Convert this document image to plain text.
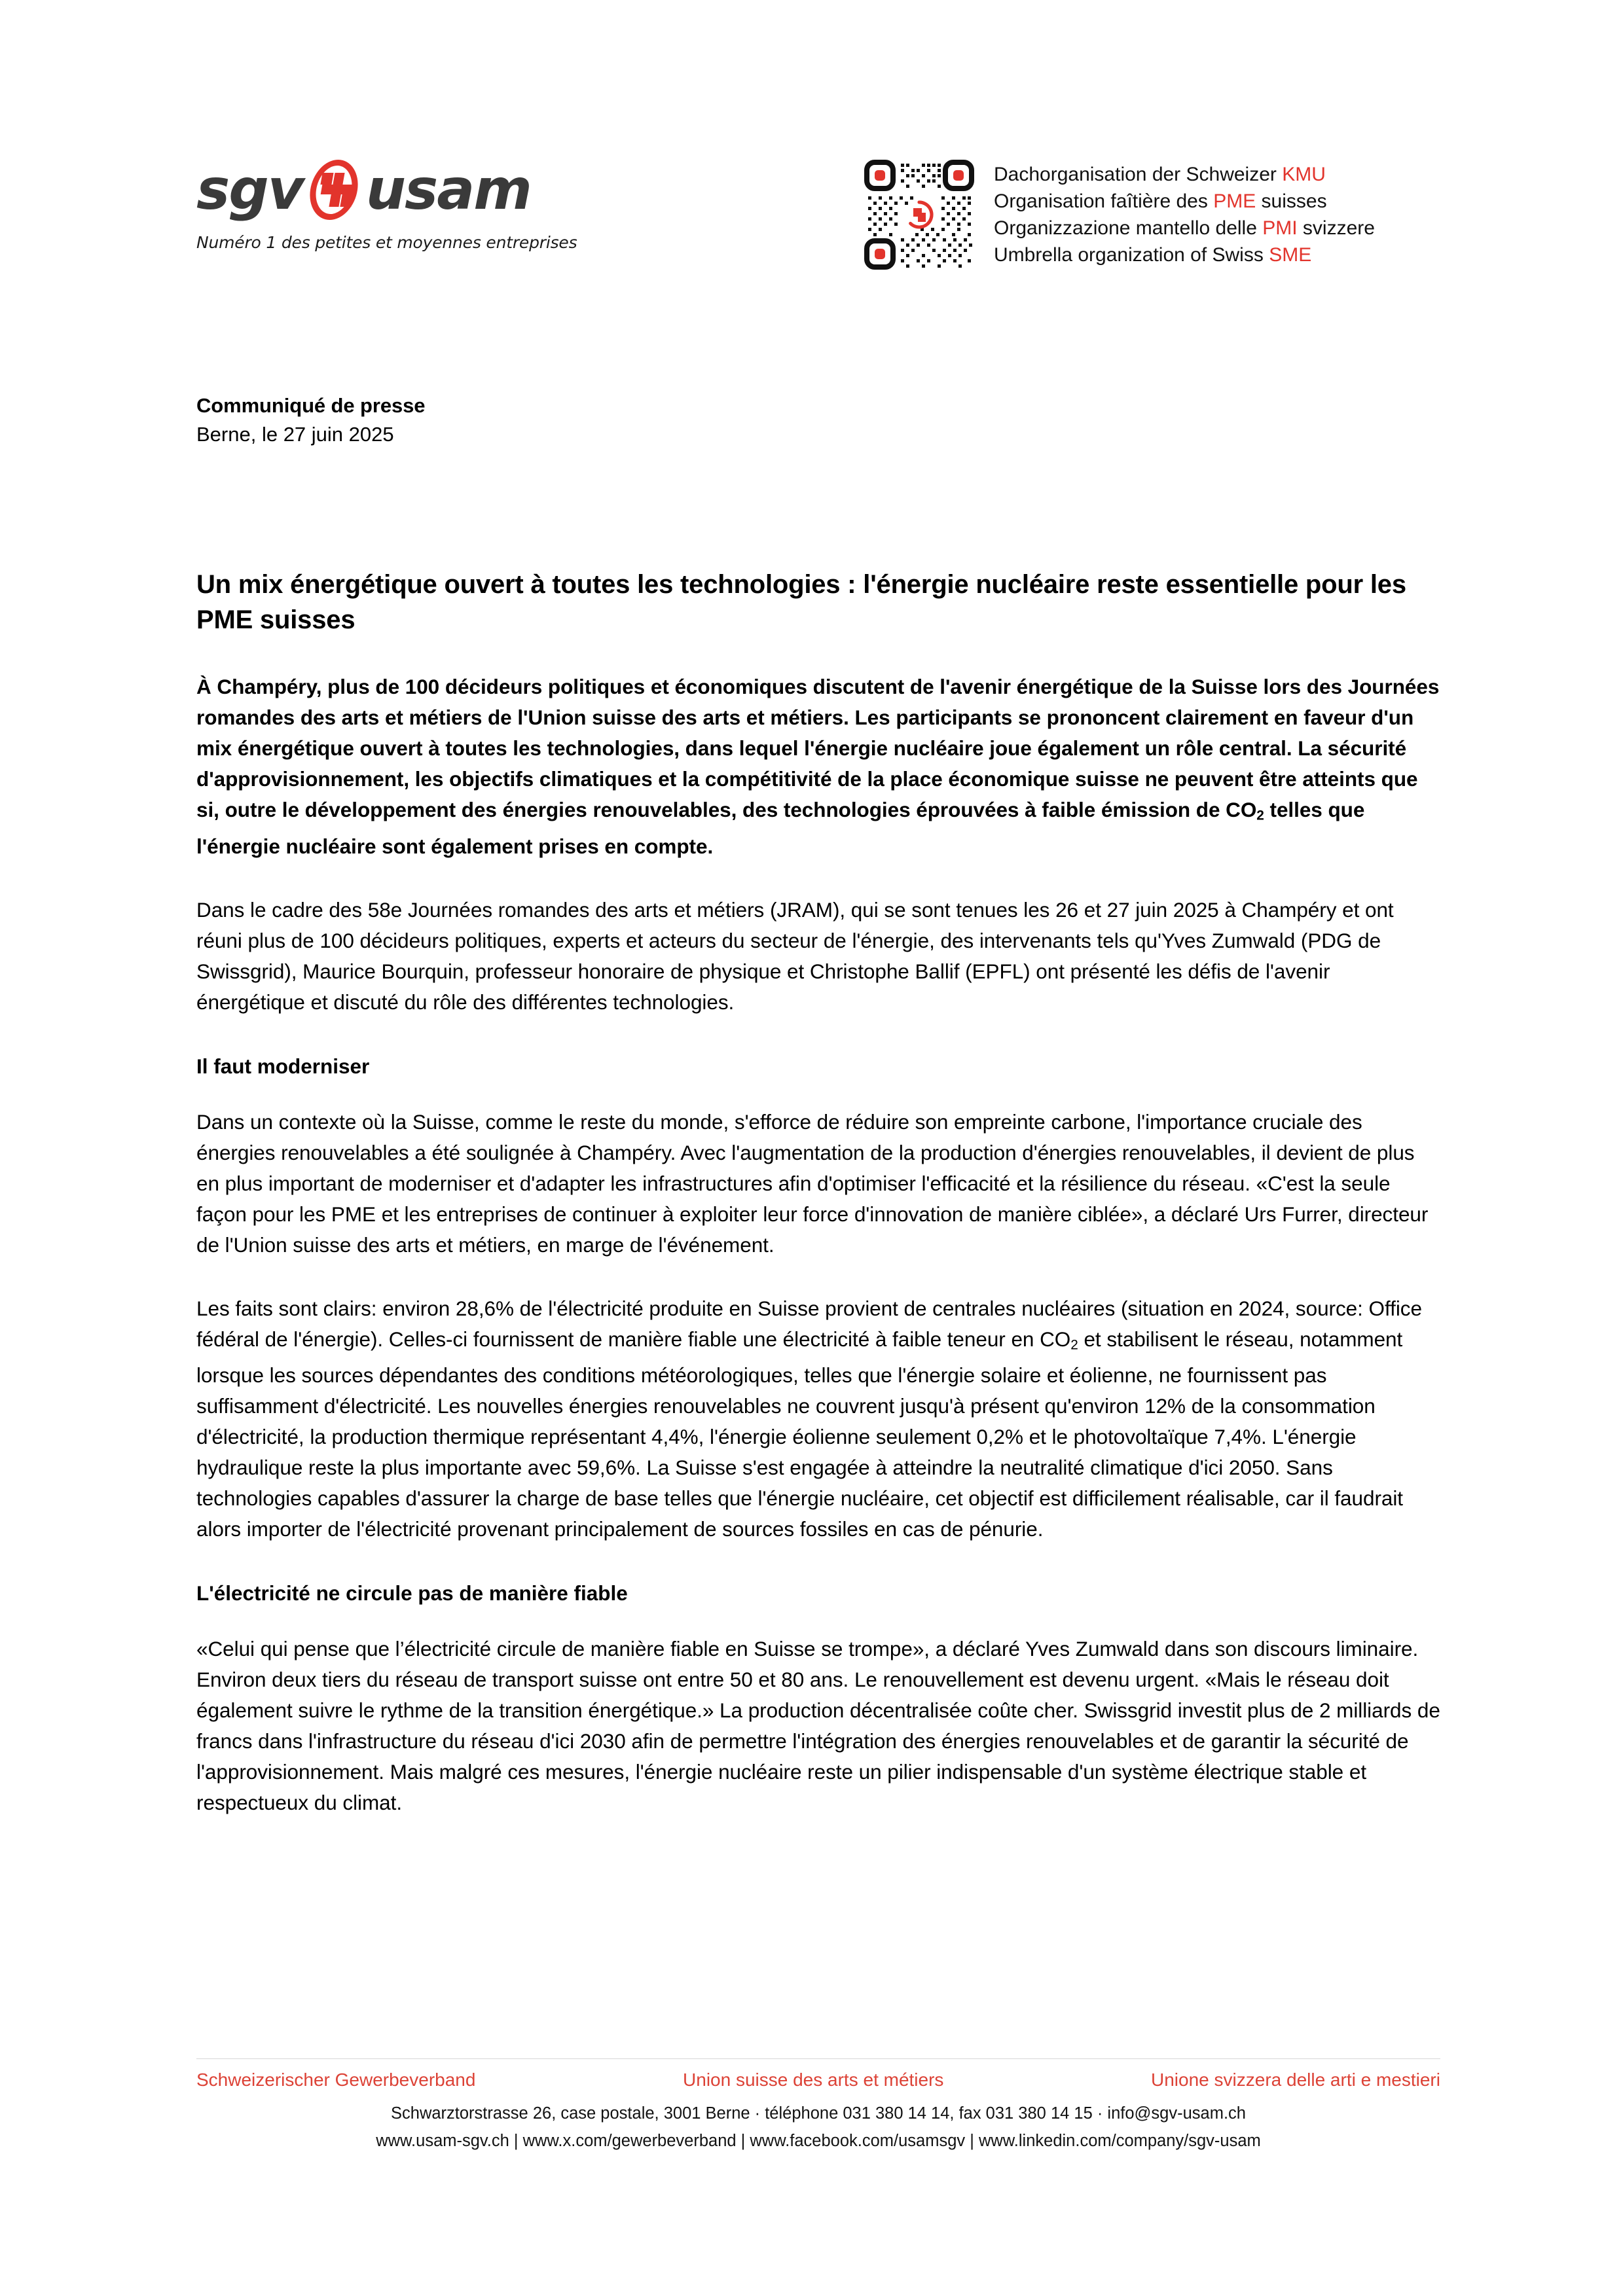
sgv usam
Numéro 1 des petites et moyennes entreprises
Dachorganisation der Schweizer KMU
Organisation faîtière des PME suisses
Organizzazione mantello delle PMI svizzere
Umbrella organization of Swiss SME
Communiqué de presse
Berne, le 27 juin 2025
Un mix énergétique ouvert à toutes les technologies : l'énergie nucléaire reste essentielle pour les PME suisses

À Champéry, plus de 100 décideurs politiques et économiques discutent de l'avenir énergétique de la Suisse lors des Journées romandes des arts et métiers de l'Union suisse des arts et métiers. Les participants se prononcent clairement en faveur d'un mix énergétique ouvert à toutes les technologies, dans lequel l'énergie nucléaire joue également un rôle central. La sécurité d'approvisionnement, les objectifs climatiques et la compétitivité de la place économique suisse ne peuvent être atteints que si, outre le développement des énergies renouvelables, des technologies éprouvées à faible émission de $CO_2$ telles que l'énergie nucléaire sont également prises en compte.

Dans le cadre des 58e Journées romandes des arts et métiers (JRAM), qui se sont tenues les 26 et 27 juin 2025 à Champéry et ont réuni plus de 100 décideurs politiques, experts et acteurs du secteur de l'énergie, des intervenants tels qu'Yves Zumwald (PDG de Swissgrid), Maurice Bourquin, professeur honoraire de physique et Christophe Ballif (EPFL) ont présenté les défis de l'avenir énergétique et discuté du rôle des différentes technologies.

Il faut moderniser

Dans un contexte où la Suisse, comme le reste du monde, s'efforce de réduire son empreinte carbone, l'importance cruciale des énergies renouvelables a été soulignée à Champéry. Avec l'augmentation de la production d'énergies renouvelables, il devient de plus en plus important de moderniser et d'adapter les infrastructures afin d'optimiser l'efficacité et la résilience du réseau. «C'est la seule façon pour les PME et les entreprises de continuer à exploiter leur force d'innovation de manière ciblée», a déclaré Urs Furrer, directeur de l'Union suisse des arts et métiers, en marge de l'événement.

Les faits sont clairs: environ 28,6% de l'électricité produite en Suisse provient de centrales nucléaires (situation en 2024, source: Office fédéral de l'énergie). Celles-ci fournissent de manière fiable une électricité à faible teneur en $CO_2$ et stabilisent le réseau, notamment lorsque les sources dépendantes des conditions météorologiques, telles que l'énergie solaire et éolienne, ne fournissent pas suffisamment d'électricité. Les nouvelles énergies renouvelables ne couvrent jusqu'à présent qu'environ 12% de la consommation d'électricité, la production thermique représentant 4,4%, l'énergie éolienne seulement 0,2% et le photovoltaïque 7,4%. L'énergie hydraulique reste la plus importante avec 59,6%. La Suisse s'est engagée à atteindre la neutralité climatique d'ici 2050. Sans technologies capables d'assurer la charge de base telles que l'énergie nucléaire, cet objectif est difficilement réalisable, car il faudrait alors importer de l'électricité provenant principalement de sources fossiles en cas de pénurie.

L'électricité ne circule pas de manière fiable

«Celui qui pense que l’électricité circule de manière fiable en Suisse se trompe», a déclaré Yves Zumwald dans son discours liminaire. Environ deux tiers du réseau de transport suisse ont entre 50 et 80 ans. Le renouvellement est devenu urgent. «Mais le réseau doit également suivre le rythme de la transition énergétique.» La production décentralisée coûte cher. Swissgrid investit plus de 2 milliards de francs dans l'infrastructure du réseau d'ici 2030 afin de permettre l'intégration des énergies renouvelables et de garantir la sécurité de l'approvisionnement. Mais malgré ces mesures, l'énergie nucléaire reste un pilier indispensable d'un système électrique stable et respectueux du climat.

Schweizerischer Gewerbeverband	Union suisse des arts et métiers	Unione svizzera delle arti e mestieri
Schwarztorstrasse 26, case postale, 3001 Berne · téléphone 031 380 14 14, fax 031 380 14 15 · info@sgv-usam.ch
www.usam-sgv.ch | www.x.com/gewerbeverband | www.facebook.com/usamsgv | www.linkedin.com/company/sgv-usam
